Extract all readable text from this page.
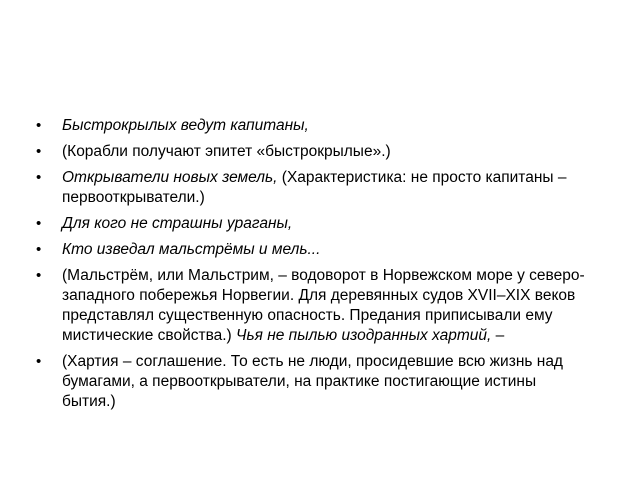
•	Быстрокрылых ведут капитаны,
•	(Корабли получают эпитет «быстрокрылые».)
•	Открыватели новых земель, (Характеристика: не просто капитаны – первооткрыватели.)
•	Для кого не страшны ураганы,
•	Кто изведал мальстрёмы и мель...
•	(Мальстрём, или Мальстрим, – водоворот в Норвежском море у северо-западного побережья Норвегии. Для деревянных судов XVII–XIX веков представлял существенную опасность. Предания приписывали ему мистические свойства.) Чья не пылью изодранных хартий, –
•	(Хартия – соглашение. То есть не люди, просидевшие всю жизнь над бумагами, а первооткрыватели, на практике постигающие истины бытия.)
